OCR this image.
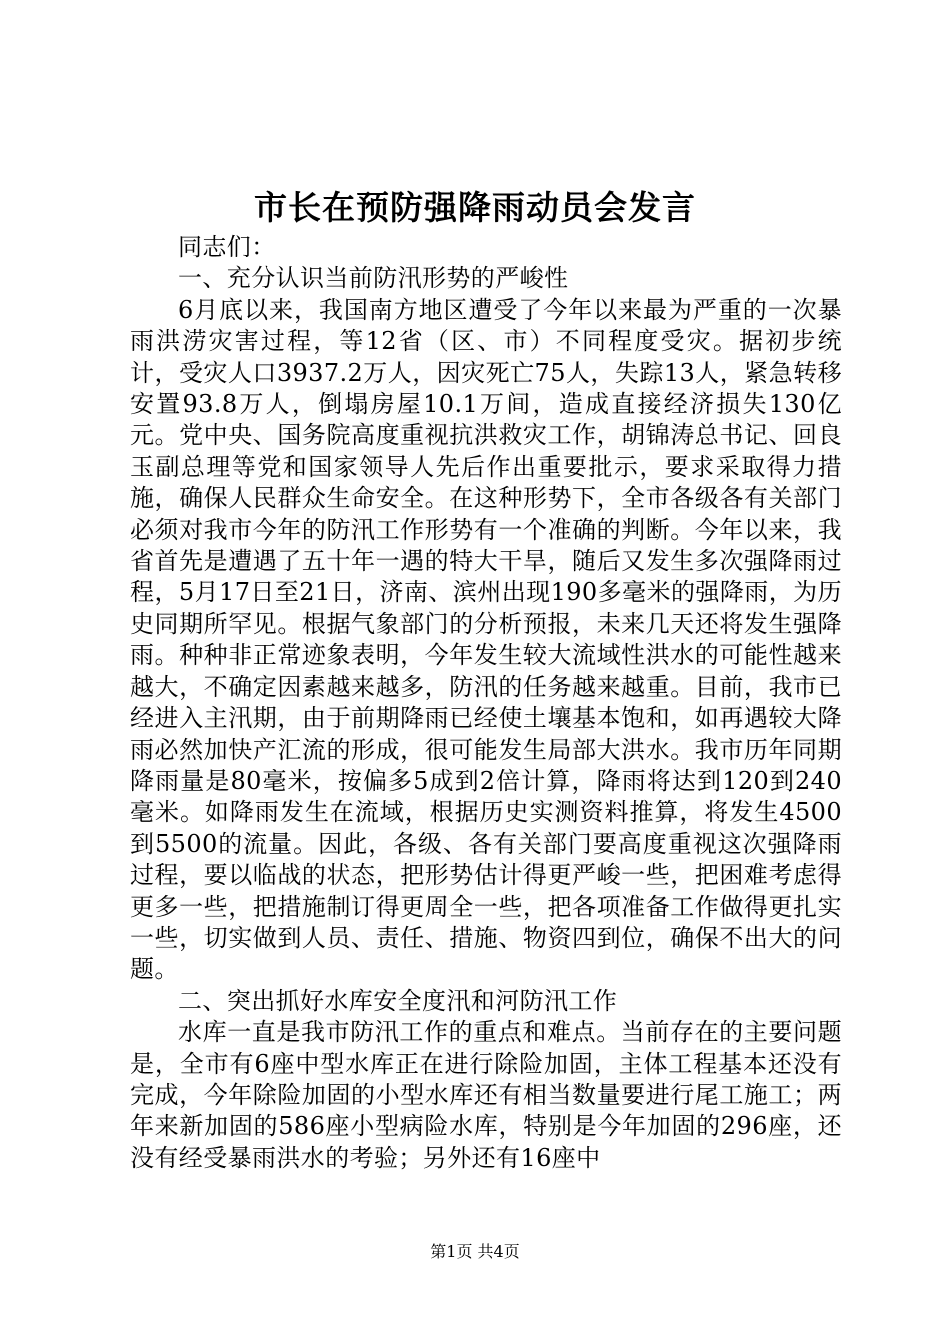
市长在预防强降雨动员会发言

同志们：

一、充分认识当前防汛形势的严峻性

6月底以来，我国南方地区遭受了今年以来最为严重的一次暴雨洪涝灾害过程，等12省（区、市）不同程度受灾。据初步统计，受灾人口3937.2万人，因灾死亡75人，失踪13人，紧急转移安置93.8万人，倒塌房屋10.1万间，造成直接经济损失130亿元。党中央、国务院高度重视抗洪救灾工作，胡锦涛总书记、回良玉副总理等党和国家领导人先后作出重要批示，要求采取得力措施，确保人民群众生命安全。在这种形势下，全市各级各有关部门必须对我市今年的防汛工作形势有一个准确的判断。今年以来，我省首先是遭遇了五十年一遇的特大干旱，随后又发生多次强降雨过程，5月17日至21日，济南、滨州出现190多毫米的强降雨，为历史同期所罕见。根据气象部门的分析预报，未来几天还将发生强降雨。种种非正常迹象表明，今年发生较大流域性洪水的可能性越来越大，不确定因素越来越多，防汛的任务越来越重。目前，我市已经进入主汛期，由于前期降雨已经使土壤基本饱和，如再遇较大降雨必然加快产汇流的形成，很可能发生局部大洪水。我市历年同期降雨量是80毫米，按偏多5成到2倍计算，降雨将达到120到240毫米。如降雨发生在流域，根据历史实测资料推算，将发生4500到5500的流量。因此，各级、各有关部门要高度重视这次强降雨过程，要以临战的状态，把形势估计得更严峻一些，把困难考虑得更多一些，把措施制订得更周全一些，把各项准备工作做得更扎实一些，切实做到人员、责任、措施、物资四到位，确保不出大的问题。

二、突出抓好水库安全度汛和河防汛工作

水库一直是我市防汛工作的重点和难点。当前存在的主要问题是，全市有6座中型水库正在进行除险加固，主体工程基本还没有完成，今年除险加固的小型水库还有相当数量要进行尾工施工；两年来新加固的586座小型病险水库，特别是今年加固的296座，还没有经受暴雨洪水的考验；另外还有16座中

第1页 共4页
